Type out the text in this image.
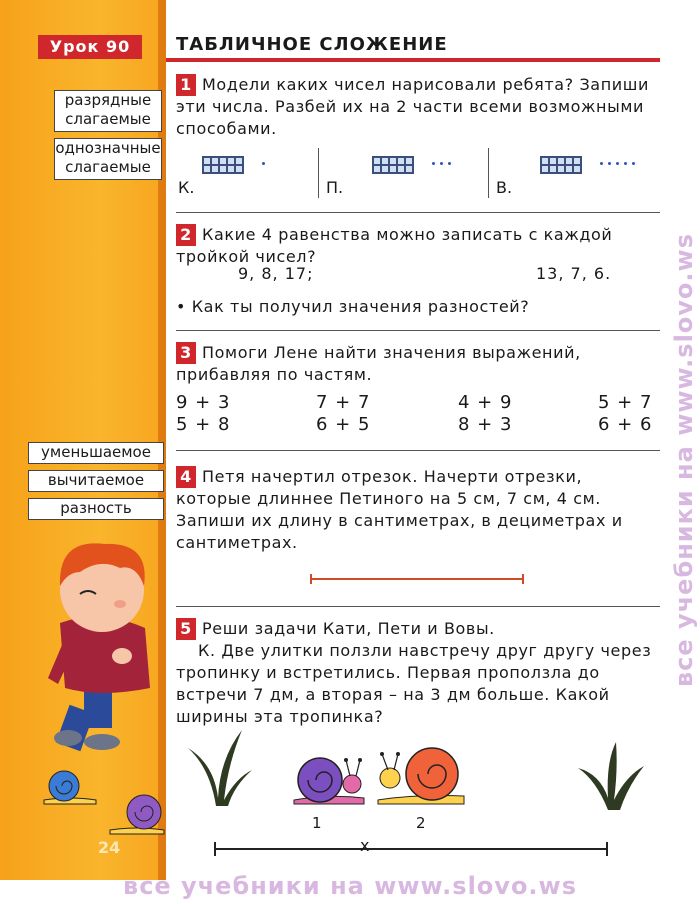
Урок 90	ТАБЛИЧНОЕ СЛОЖЕНИЕ
разрядные слагаемые
однозначные слагаемые
уменьшаемое
вычитаемое
разность
24
1 Модели каких чисел нарисовали ребята? Запиши эти числа. Разбей их на 2 части всеми возможными способами.
К.	П.	В.
2 Какие 4 равенства можно записать с каждой тройкой чисел?
9, 8, 17;	13, 7, 6.
• Как ты получил значения разностей?
3 Помоги Лене найти значения выражений, прибавляя по частям.
9 + 3	7 + 7	4 + 9	5 + 7
5 + 8	6 + 5	8 + 3	6 + 6
4 Петя начертил отрезок. Начерти отрезки, которые длиннее Петиного на 5 см, 7 см, 4 см. Запиши их длину в сантиметрах, в дециметрах и сантиметрах.
5 Реши задачи Кати, Пети и Вовы.
К. Две улитки ползли навстречу друг другу через тропинку и встретились. Первая проползла до встречи 7 дм, а вторая – на 3 дм больше. Какой ширины эта тропинка?
1	2
x
все учебники на www.slovo.ws
все учебники на www.slovo.ws
